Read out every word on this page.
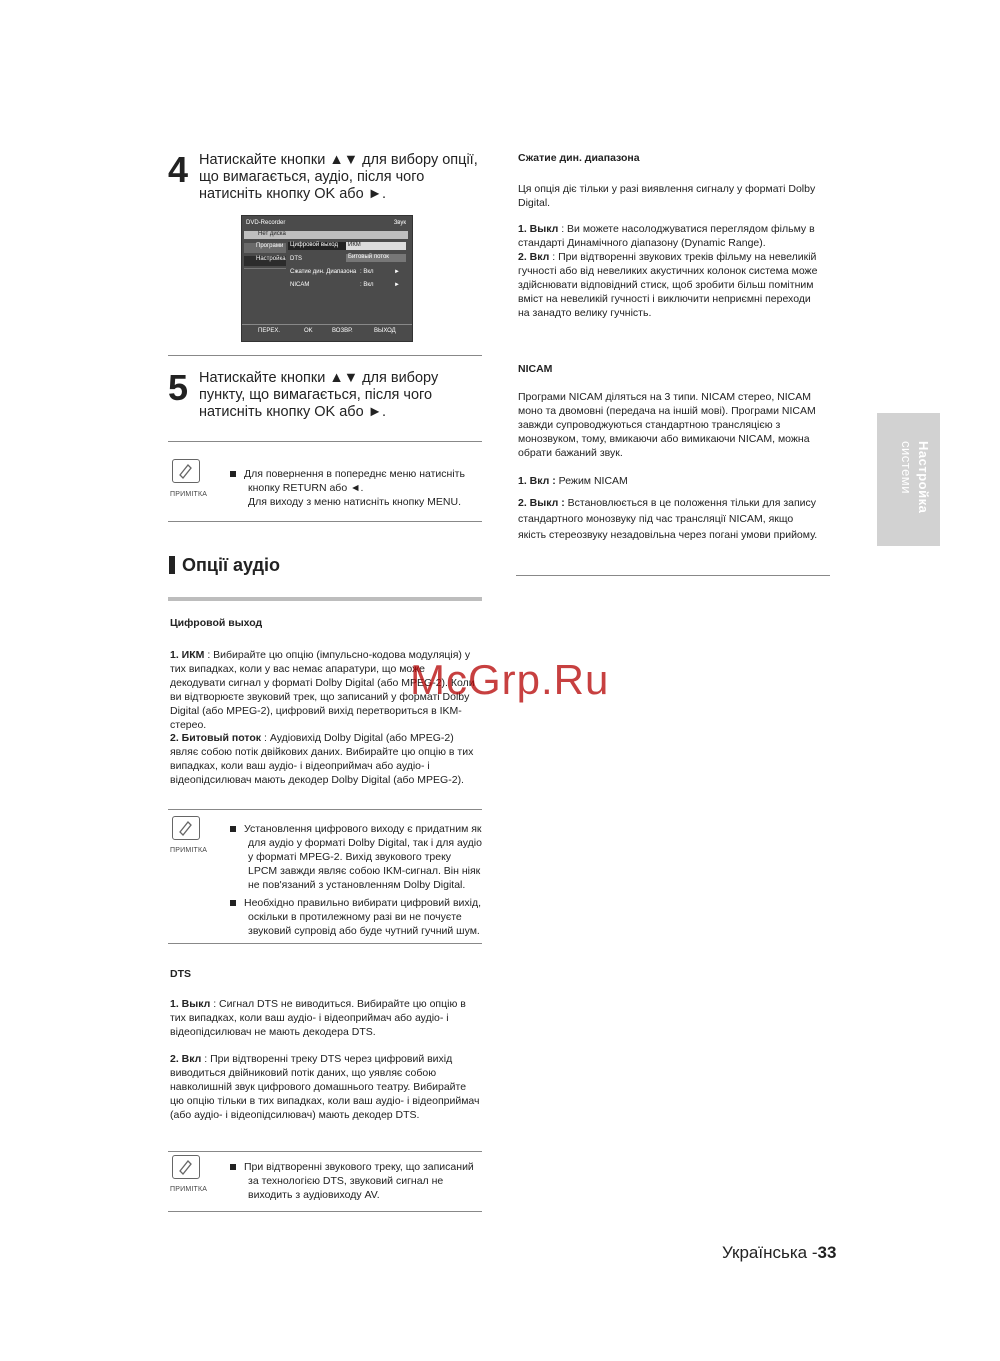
4 Натискайте кнопки ▲▼ для вибору опції, що вимагається, аудіо, після чого натисніть кнопку OK або ►.
DVD-Recorder	Звук
Нет диска
Програми
Настройка
Цифровой выход	ИКМ
DTS	Битовый поток
Сжатие дин. Диапазона : Вкл	►
NICAM	: Вкл	►
ПЕРЕХ.	OK	ВОЗВР.	ВЫХОД
5 Натискайте кнопки ▲▼ для вибору пункту, що вимагається, після чого натисніть кнопку OK або ►.
ПРИМІТКА
Для повернення в попереднє меню натисніть кнопку RETURN або ◄.
Для виходу з меню натисніть кнопку MENU.
Опції аудіо
Цифровой выход
1. ИКМ : Вибирайте цю опцію (імпульсно-кодова модуляція) у тих випадках, коли у вас немає апаратури, що може декодувати сигнал у форматі Dolby Digital (або MPEG-2). Коли ви відтворюєте звуковий трек, що записаний у форматі Dolby Digital (або MPEG-2), цифровий вихід перетвориться в IKM-стерео.
2. Битовый поток : Аудіовихід Dolby Digital (або MPEG-2) являє собою потік двійкових даних. Вибирайте цю опцію в тих випадках, коли ваш аудіо- і відеоприймач або аудіо- і відеопідсилювач мають декодер Dolby Digital (або MPEG-2).
ПРИМІТКА
Установлення цифрового виходу є придатним як для аудіо у форматі Dolby Digital, так і для аудіо у форматі MPEG-2. Вихід звукового треку LPCM завжди являє собою IKM-сигнал. Він ніяк не пов'язаний з установленням Dolby Digital.
Необхідно правильно вибирати цифровий вихід, оскільки в протилежному разі ви не почуєте звуковий супровід або буде чутний гучний шум.
DTS
1. Выкл : Сигнал DTS не виводиться. Вибирайте цю опцію в тих випадках, коли ваш аудіо- і відеоприймач або аудіо- і відеопідсилювач не мають декодера DTS.
2. Вкл : При відтворенні треку DTS через цифровий вихід виводиться двійниковий потік даних, що уявляє собою навколишній звук цифрового домашнього театру. Вибирайте цю опцію тільки в тих випадках, коли ваш аудіо- і відеоприймач (або аудіо- і відеопідсилювач) мають декодер DTS.
ПРИМІТКА
При відтворенні звукового треку, що записаний за технологією DTS, звуковий сигнал не виходить з аудіовиходу AV.
Сжатие дин. диапазона
Ця опція діє тільки у разі виявлення сигналу у форматі Dolby Digital.
1. Выкл : Ви можете насолоджуватися переглядом фільму в стандарті Динамічного діапазону (Dynamic Range).
2. Вкл : При відтворенні звукових треків фільму на невеликій гучності або від невеликих акустичних колонок система може здійснювати відповідний стиск, щоб зробити більш помітним вміст на невеликій гучності і виключити неприємні переходи на занадто велику гучність.
NICAM
Програми NICAM діляться на 3 типи. NICAM стерео, NICAM моно та двомовні (передача на іншій мові). Програми NICAM завжди супроводжуються стандартною трансляцією з монозвуком, тому, вмикаючи або вимикаючи NICAM, можна обрати бажаний звук.
1. Вкл : Режим NICAM
2. Выкл : Встановлюється в це положення тільки для запису стандартного монозвуку під час трансляції NICAM, якщо якість стереозвуку незадовільна через погані умови прийому.
Настройка
системи
McGrp.Ru
Українська -33
